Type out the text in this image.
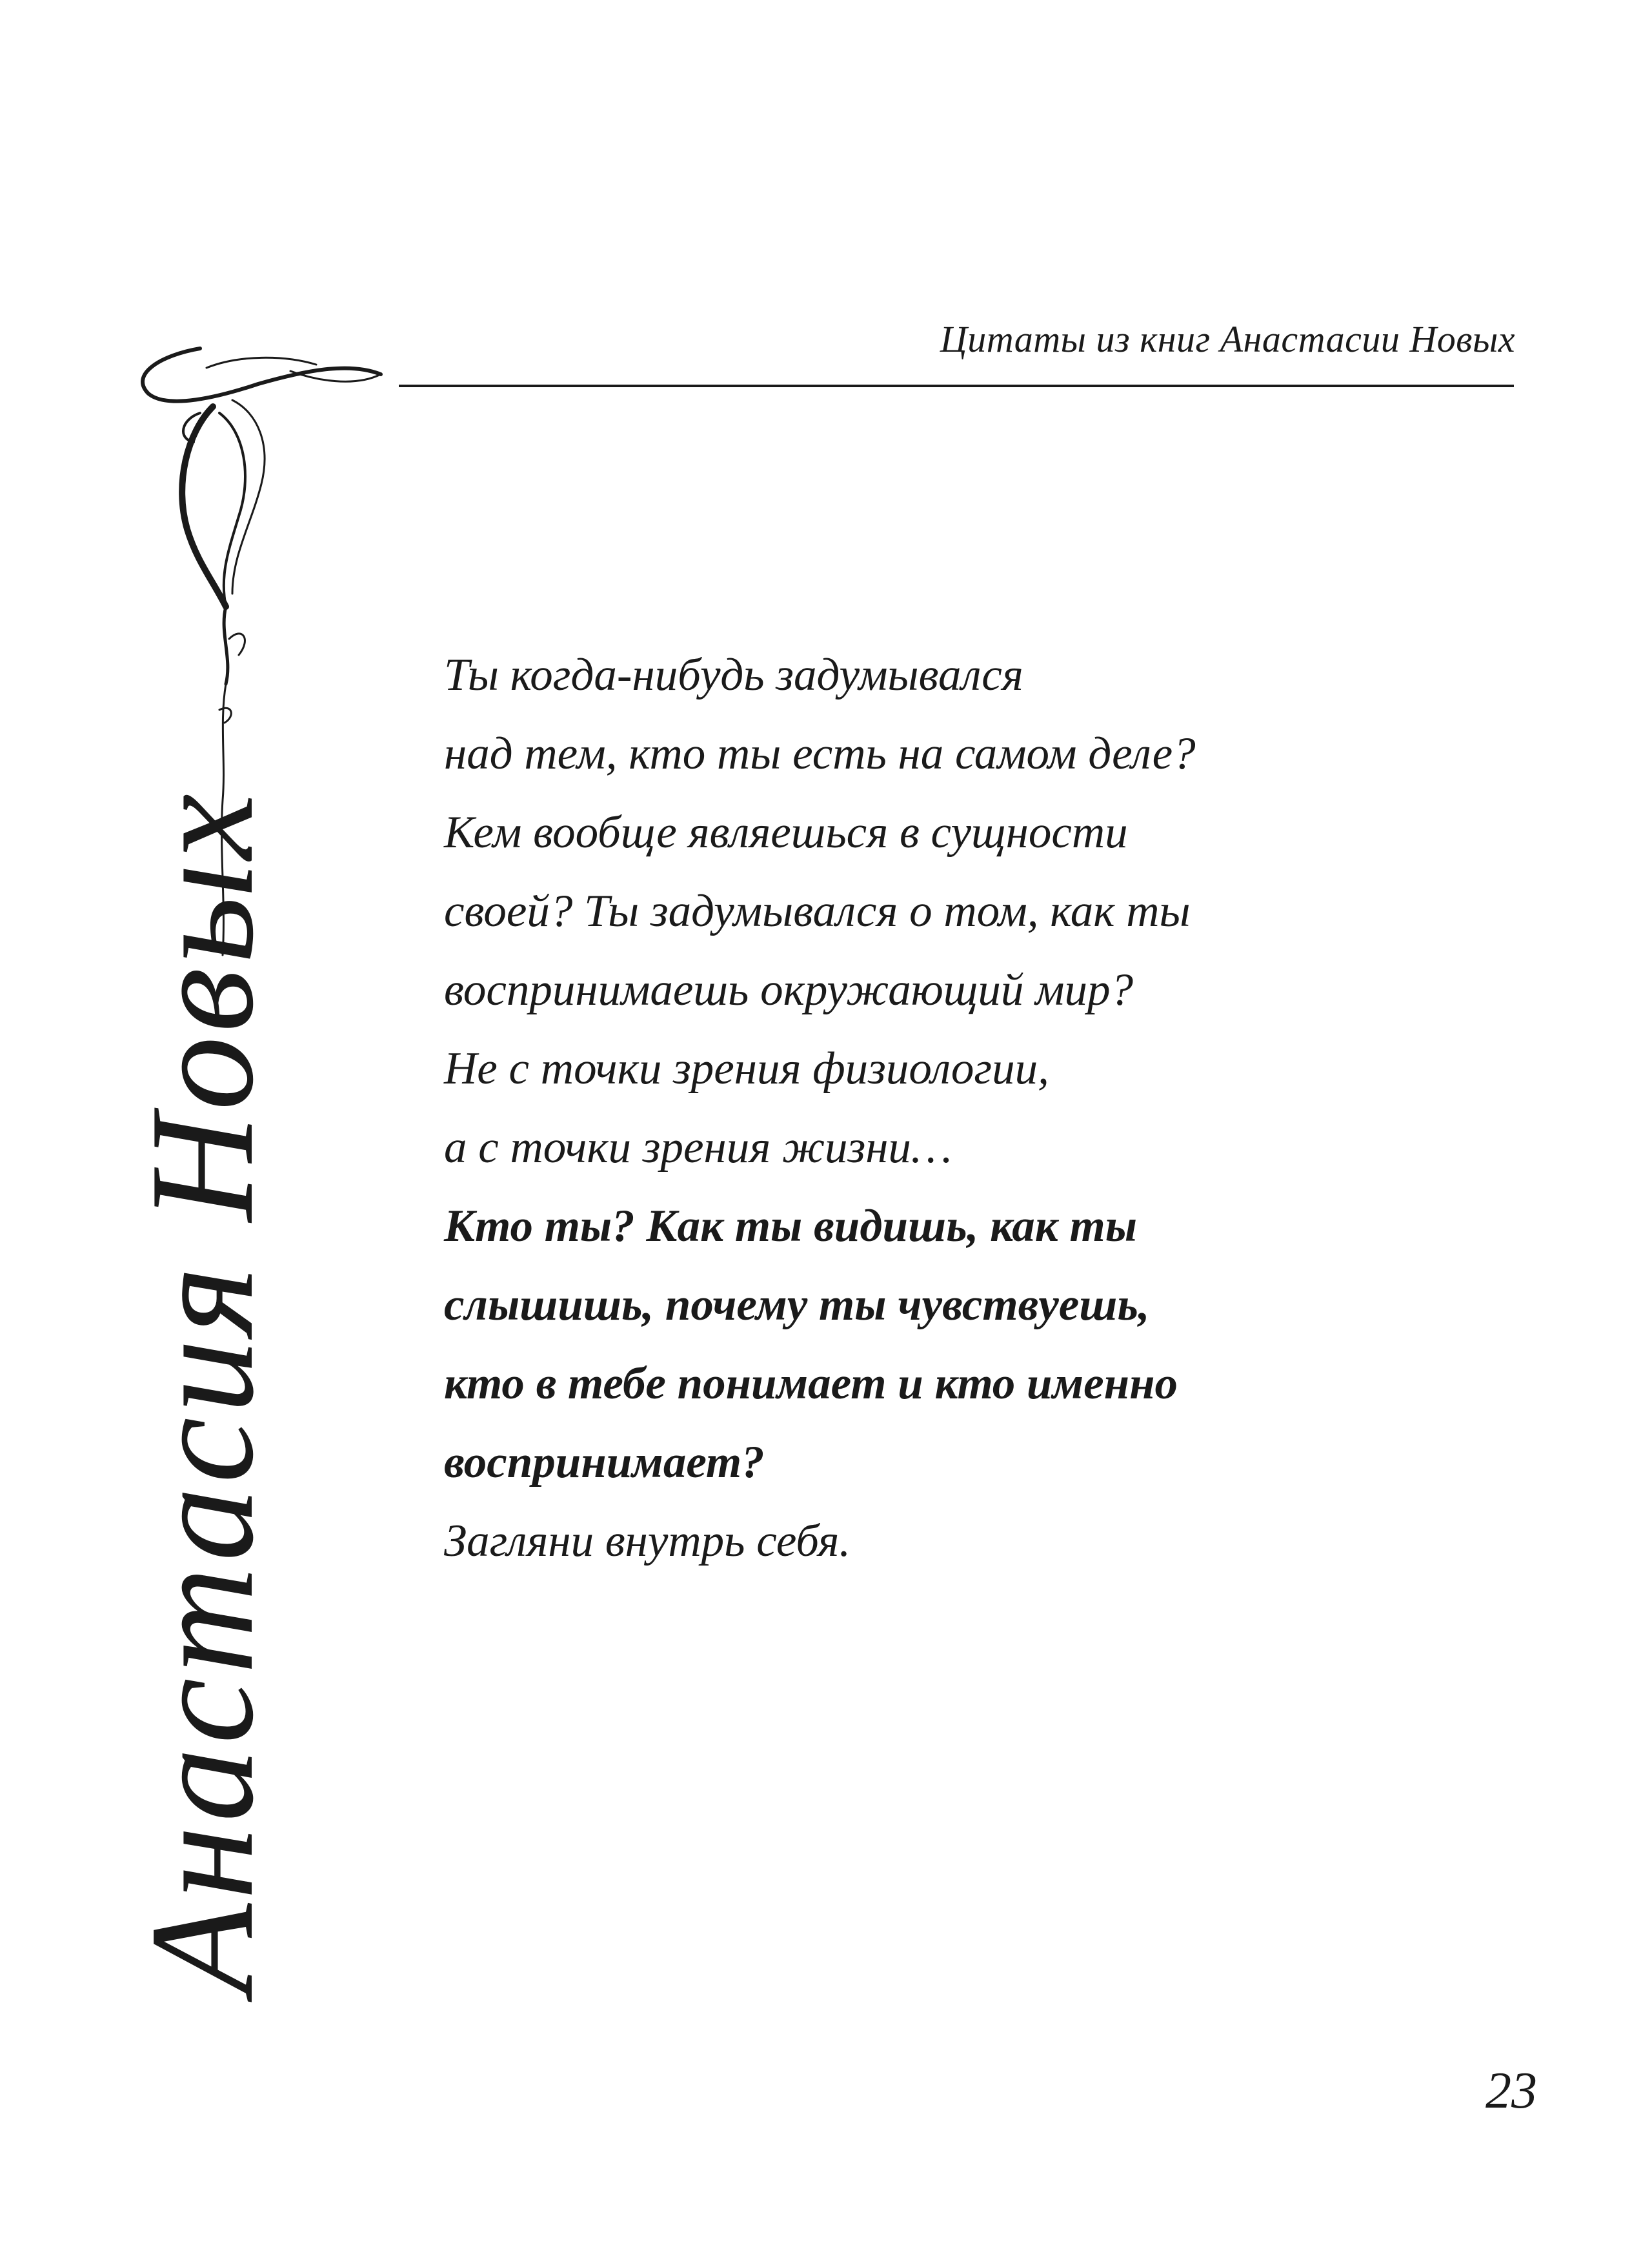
Цитаты из книг Анастасии Новых
Анастасия Новых
Ты когда-нибудь задумывался
над тем, кто ты есть на самом деле?
Кем вообще являешься в сущности
своей? Ты задумывался о том, как ты
воспринимаешь окружающий мир?
Не с точки зрения физиологии,
а с точки зрения жизни…
Кто ты? Как ты видишь, как ты
слышишь, почему ты чувствуешь,
кто в тебе понимает и кто именно
воспринимает?
Загляни внутрь себя.
23
